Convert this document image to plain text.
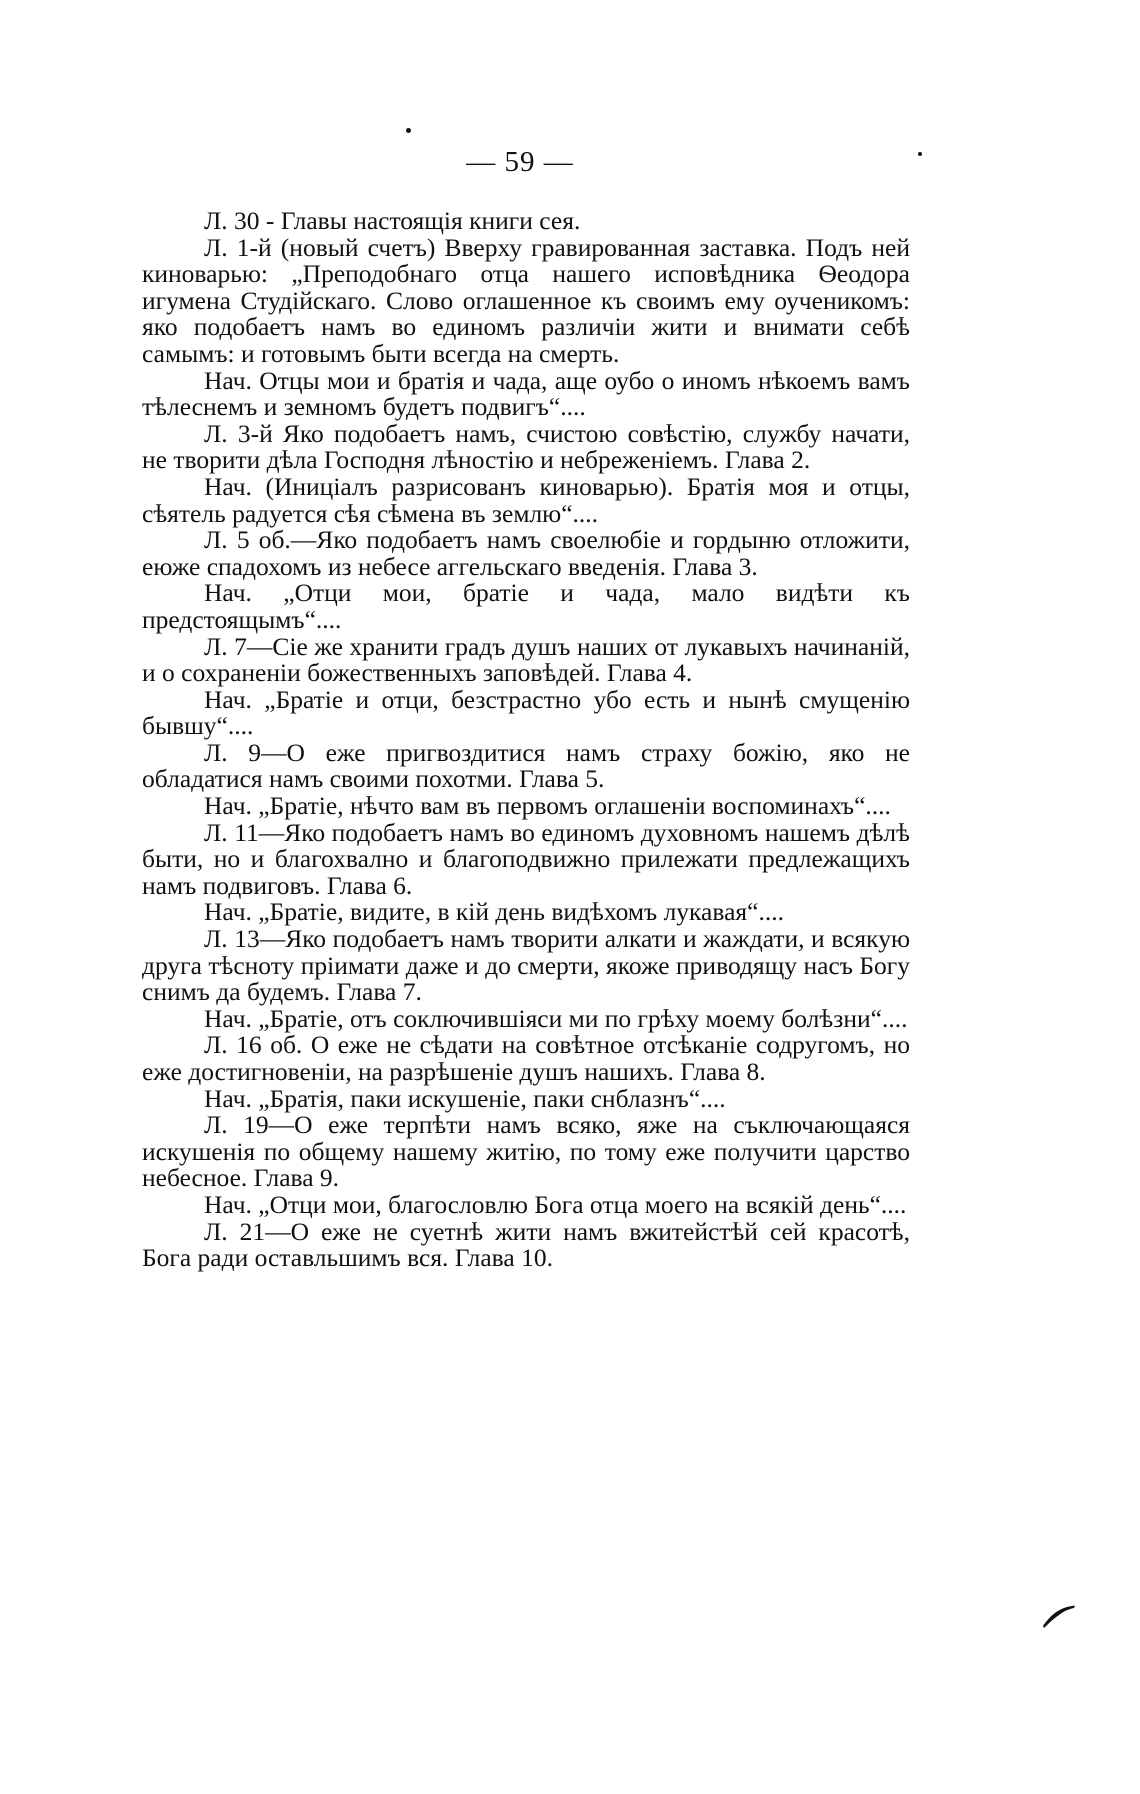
— 59 —

Л. 30 - Главы настоящія книги сея.

Л. 1-й (новый счетъ) Вверху гравированная заставка. Подъ ней киноварью: „Преподобнаго отца нашего исповѣдника Ѳеодора игумена Студійскаго. Слово оглашенное къ своимъ ему оученикомъ: яко подобаетъ намъ во единомъ различіи жити и внимати себѣ самымъ: и готовымъ быти всегда на смерть.

Нач. Отцы мои и братія и чада, аще оубо о иномъ нѣкоемъ вамъ тѣлеснемъ и земномъ будетъ подвигъ“....

Л. 3-й Яко подобаетъ намъ, счистою совѣстію, службу начати, не творити дѣла Господня лѣностію и небреженіемъ. Глава 2.

Нач. (Иниціалъ разрисованъ киноварью). Братія моя и отцы, сѣятель радуется сѣя сѣмена въ землю“....

Л. 5 об.—Яко подобаетъ намъ своелюбіе и гордыню отложити, еюже спадохомъ из небесе аггельскаго введенія. Глава 3.

Нач. „Отци мои, братіе и чада, мало видѣти къ предстоящымъ“....

Л. 7—Сіе же хранити градъ душъ наших от лукавыхъ начинаній, и о сохраненіи божественныхъ заповѣдей. Глава 4.

Нач. „Братіе и отци, безстрастно убо есть и нынѣ смущенію бывшу“....

Л. 9—О еже пригвоздитися намъ страху божію, яко не обладатися намъ своими похотми. Глава 5.

Нач. „Братіе, нѣчто вам въ первомъ оглашеніи воспоминахъ“....

Л. 11—Яко подобаетъ намъ во единомъ духовномъ нашемъ дѣлѣ быти, но и благохвално и благоподвижно прилежати предлежащихъ намъ подвиговъ. Глава 6.

Нач. „Братіе, видите, в кій день видѣхомъ лукавая“....

Л. 13—Яко подобаетъ намъ творити алкати и жаждати, и всякую друга тѣсноту пріимати даже и до смерти, якоже приводящу насъ Богу снимъ да будемъ. Глава 7.

Нач. „Братіе, отъ соключившіяси ми по грѣху моему болѣзни“....

Л. 16 об. О еже не сѣдати на совѣтное отсѣканіе содругомъ, но еже достигновеніи, на разрѣшеніе душъ нашихъ. Глава 8.

Нач. „Братія, паки искушеніе, паки снблазнъ“....

Л. 19—О еже терпѣти намъ всяко, яже на съключающаяся искушенія по общему нашему житію, по тому еже получити царство небесное. Глава 9.

Нач. „Отци мои, благословлю Бога отца моего на всякій день“....

Л. 21—О еже не суетнѣ жити намъ вжитейстѣй сей красотѣ, Бога ради оставльшимъ вся. Глава 10.
